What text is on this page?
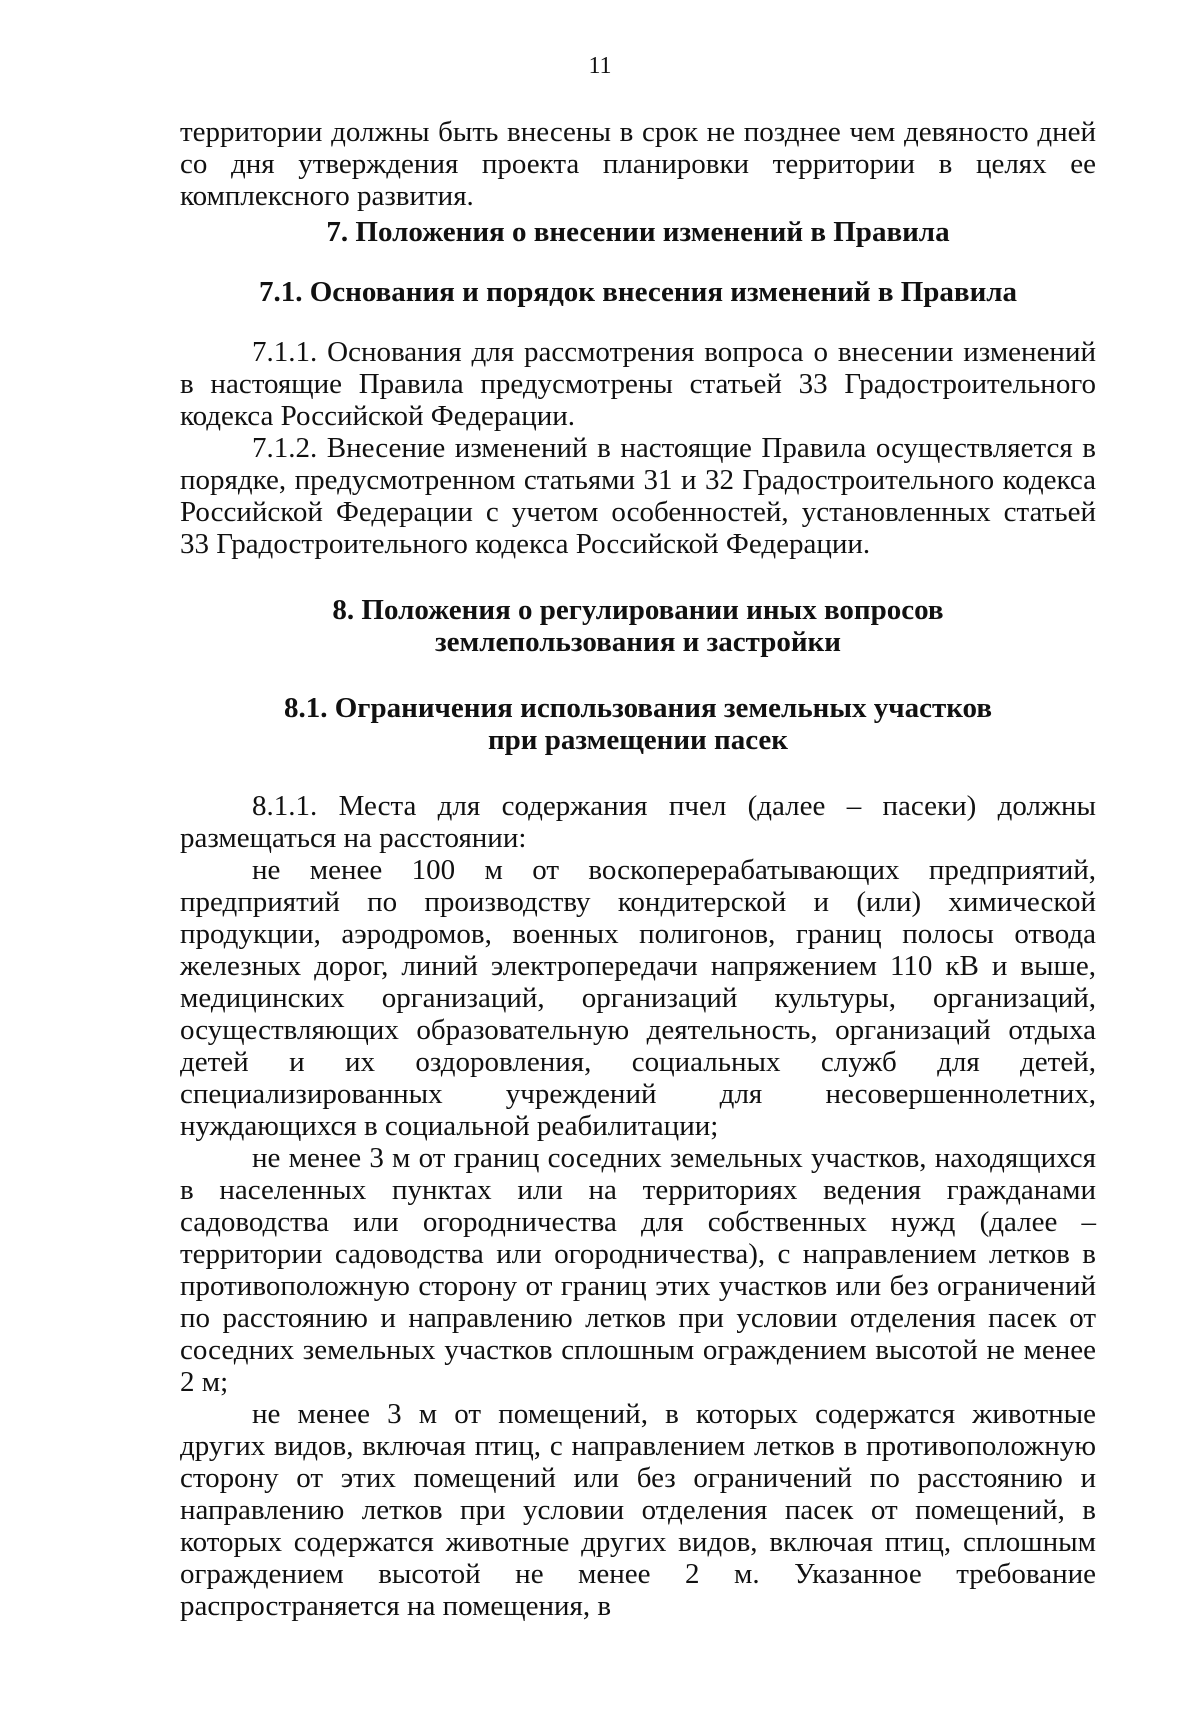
11

территории должны быть внесены в срок не позднее чем девяносто дней со дня утверждения проекта планировки территории в целях ее комплексного развития.

7. Положения о внесении изменений в Правила

7.1. Основания и порядок внесения изменений в Правила

7.1.1. Основания для рассмотрения вопроса о внесении изменений в настоящие Правила предусмотрены статьей 33 Градостроительного кодекса Российской Федерации.

7.1.2. Внесение изменений в настоящие Правила осуществляется в порядке, предусмотренном статьями 31 и 32 Градостроительного кодекса Российской Федерации с учетом особенностей, установленных статьей 33 Градостроительного кодекса Российской Федерации.

8. Положения о регулировании иных вопросов

землепользования и застройки

8.1. Ограничения использования земельных участков

при размещении пасек

8.1.1. Места для содержания пчел (далее – пасеки) должны размещаться на расстоянии:

не менее 100 м от воскоперерабатывающих предприятий, предприятий по производству кондитерской и (или) химической продукции, аэродромов, военных полигонов, границ полосы отвода железных дорог, линий электропередачи напряжением 110 кВ и выше, медицинских организаций, организаций культуры, организаций, осуществляющих образовательную деятельность, организаций отдыха детей и их оздоровления, социальных служб для детей, специализированных учреждений для несовершеннолетних, нуждающихся в социальной реабилитации;

не менее 3 м от границ соседних земельных участков, находящихся в населенных пунктах или на территориях ведения гражданами садоводства или огородничества для собственных нужд (далее – территории садоводства или огородничества), с направлением летков в противоположную сторону от границ этих участков или без ограничений по расстоянию и направлению летков при условии отделения пасек от соседних земельных участков сплошным ограждением высотой не менее 2 м;

не менее 3 м от помещений, в которых содержатся животные других видов, включая птиц, с направлением летков в противоположную сторону от этих помещений или без ограничений по расстоянию и направлению летков при условии отделения пасек от помещений, в которых содержатся животные других видов, включая птиц, сплошным ограждением высотой не менее 2 м. Указанное требование распространяется на помещения, в
